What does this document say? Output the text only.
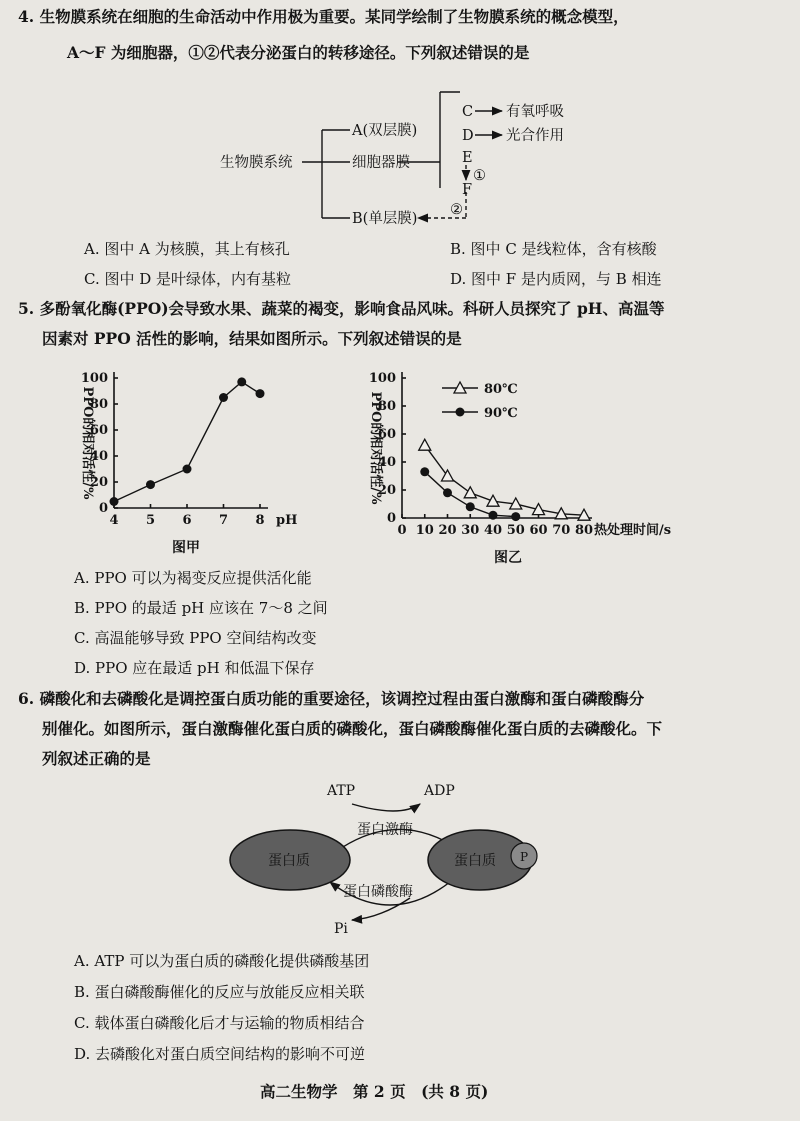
4. 生物膜系统在细胞的生命活动中作用极为重要。某同学绘制了生物膜系统的概念模型，
A～F 为细胞器，①②代表分泌蛋白的转移途径。下列叙述错误的是
生物膜系统
A(双层膜)
细胞器膜
B(单层膜)
C
D
E
F
有氧呼吸
光合作用
①
②
A. 图中 A 为核膜，其上有核孔	B. 图中 C 是线粒体，含有核酸
C. 图中 D 是叶绿体，内有基粒	D. 图中 F 是内质网，与 B 相连
5. 多酚氧化酶(PPO)会导致水果、蔬菜的褐变，影响食品风味。科研人员探究了 pH、高温等
因素对 PPO 活性的影响，结果如图所示。下列叙述错误的是
4 5 6 7 8
0
20
40
60
80
100
pH
PPO的相对活性/%
图甲
0 10 20 30 40 50 60 70 80
0
20
40
60
80
100
热处理时间/s
PPO的相对活性/%
图乙
80℃
90℃
A. PPO 可以为褐变反应提供活化能
B. PPO 的最适 pH 应该在 7～8 之间
C. 高温能够导致 PPO 空间结构改变
D. PPO 应在最适 pH 和低温下保存
6. 磷酸化和去磷酸化是调控蛋白质功能的重要途径，该调控过程由蛋白激酶和蛋白磷酸酶分
别催化。如图所示，蛋白激酶催化蛋白质的磷酸化，蛋白磷酸酶催化蛋白质的去磷酸化。下
列叙述正确的是
ATP	ADP
蛋白激酶
蛋白磷酸酶
蛋白质	蛋白质 P
Pi
A. ATP 可以为蛋白质的磷酸化提供磷酸基团
B. 蛋白磷酸酶催化的反应与放能反应相关联
C. 载体蛋白磷酸化后才与运输的物质相结合
D. 去磷酸化对蛋白质空间结构的影响不可逆
高二生物学　第 2 页　(共 8 页)
